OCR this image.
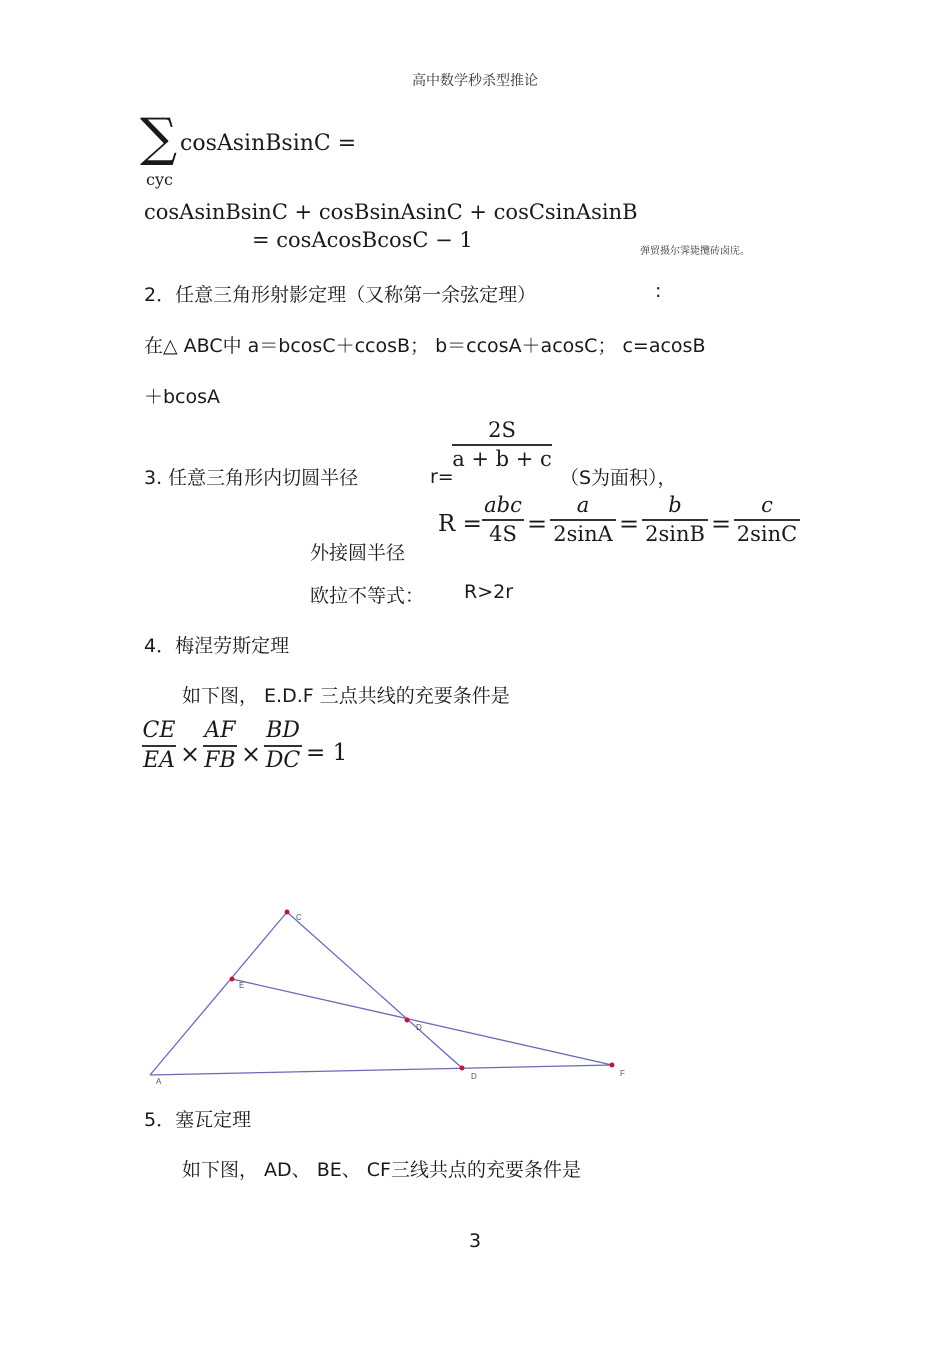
高中数学秒杀型推论
∑
cyc
cosAsinBsinC =
cosAsinBsinC + cosBsinAsinC + cosCsinAsinB
= cosAcosBcosC − 1	弹贸摄尔霁毙攬砖卤庑。
2．任意三角形射影定理（又称第一余弦定理）	:
在△ ABC中 a＝bcosC＋ccosB； b＝ccosA＋acosC； c=acosB
＋bcosA
3. 任意三角形内切圆半径	r=
2S
a + b + c
（S为面积），
外接圆半径
R =
abc
4S =
a
2sinA =
b
2sinB =
c
2sinC
欧拉不等式： R>2r
4．梅涅劳斯定理
如下图， E.D.F 三点共线的充要条件是
CE
EA ×
AF
FB ×
BD
DC = 1
C
E
D
D	F
A
5．塞瓦定理
如下图， AD、 BE、 CF三线共点的充要条件是
3
